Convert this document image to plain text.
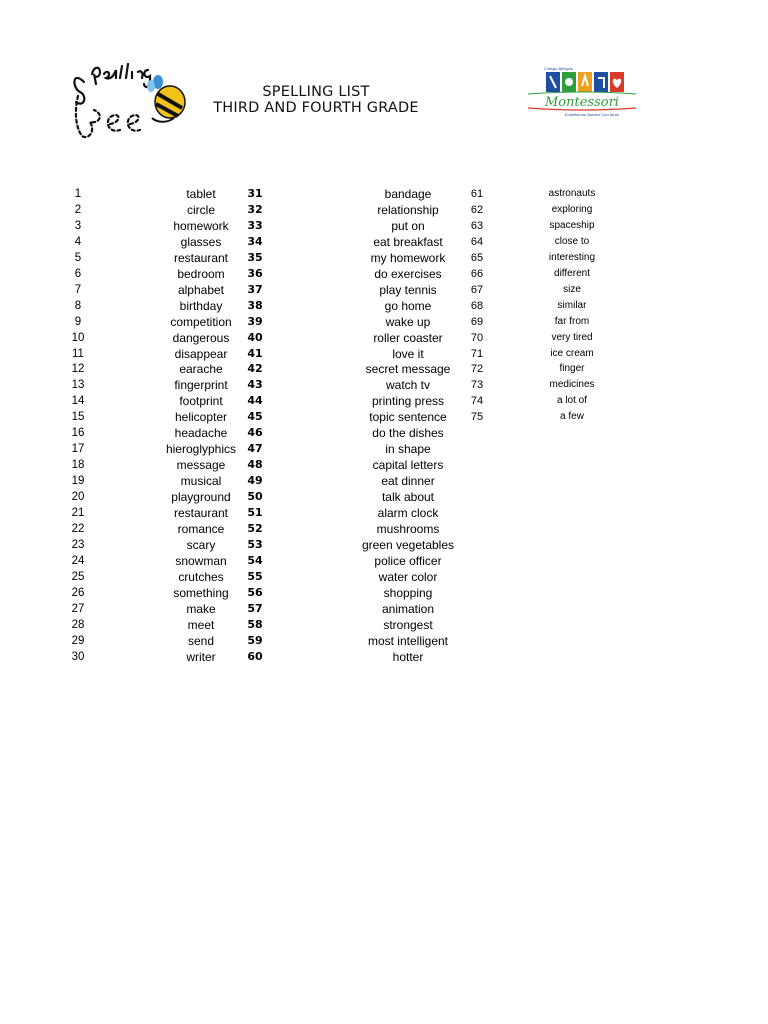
SPELLING LIST
THIRD AND FOURTH GRADE
Colegio Bilingüe
Montessori
Enseñamos Valores Con Amor
1	tablet
2	circle
3	homework
4	glasses
5	restaurant
6	bedroom
7	alphabet
8	birthday
9	competition
10	dangerous
11	disappear
12	earache
13	fingerprint
14	footprint
15	helicopter
16	headache
17	hieroglyphics
18	message
19	musical
20	playground
21	restaurant
22	romance
23	scary
24	snowman
25	crutches
26	something
27	make
28	meet
29	send
30	writer
31	bandage
32	relationship
33	put on
34	eat breakfast
35	my homework
36	do exercises
37	play tennis
38	go home
39	wake up
40	roller coaster
41	love it
42	secret message
43	watch tv
44	printing press
45	topic sentence
46	do the dishes
47	in shape
48	capital letters
49	eat dinner
50	talk about
51	alarm clock
52	mushrooms
53	green vegetables
54	police officer
55	water color
56	shopping
57	animation
58	strongest
59	most intelligent
60	hotter
61	astronauts
62	exploring
63	spaceship
64	close to
65	interesting
66	different
67	size
68	similar
69	far from
70	very tired
71	ice cream
72	finger
73	medicines
74	a lot of
75	a few
